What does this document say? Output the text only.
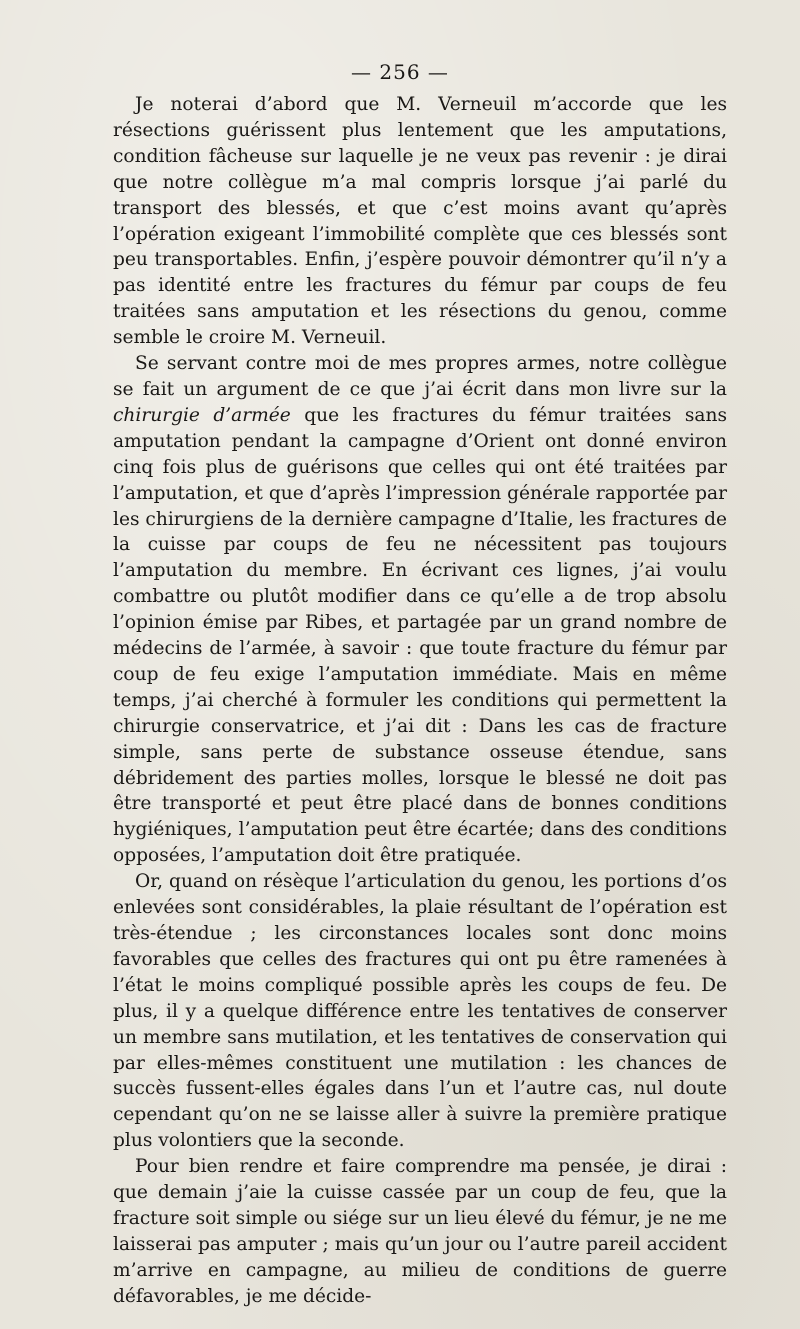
— 256 —

Je noterai d’abord que M. Verneuil m’accorde que les résections guérissent plus lentement que les amputations, condition fâcheuse sur laquelle je ne veux pas revenir : je dirai que notre collègue m’a mal compris lorsque j’ai parlé du transport des blessés, et que c’est moins avant qu’après l’opération exigeant l’immobilité complète que ces blessés sont peu transportables. Enfin, j’espère pouvoir démontrer qu’il n’y a pas identité entre les fractures du fémur par coups de feu traitées sans amputation et les résections du genou, comme semble le croire M. Verneuil.

Se servant contre moi de mes propres armes, notre collègue se fait un argument de ce que j’ai écrit dans mon livre sur la chirurgie d’armée que les fractures du fémur traitées sans amputation pendant la campagne d’Orient ont donné environ cinq fois plus de guérisons que celles qui ont été traitées par l’amputation, et que d’après l’impression générale rapportée par les chirurgiens de la dernière campagne d’Italie, les fractures de la cuisse par coups de feu ne nécessitent pas toujours l’amputation du membre. En écrivant ces lignes, j’ai voulu combattre ou plutôt modifier dans ce qu’elle a de trop absolu l’opinion émise par Ribes, et partagée par un grand nombre de médecins de l’armée, à savoir : que toute fracture du fémur par coup de feu exige l’amputation immédiate. Mais en même temps, j’ai cherché à formuler les conditions qui permettent la chirurgie conservatrice, et j’ai dit : Dans les cas de fracture simple, sans perte de substance osseuse étendue, sans débridement des parties molles, lorsque le blessé ne doit pas être transporté et peut être placé dans de bonnes conditions hygiéniques, l’amputation peut être écartée; dans des conditions opposées, l’amputation doit être pratiquée.

Or, quand on résèque l’articulation du genou, les portions d’os enlevées sont considérables, la plaie résultant de l’opération est très-étendue ; les circonstances locales sont donc moins favorables que celles des fractures qui ont pu être ramenées à l’état le moins compliqué possible après les coups de feu. De plus, il y a quelque différence entre les tentatives de conserver un membre sans mutilation, et les tentatives de conservation qui par elles-mêmes constituent une mutilation : les chances de succès fussent-elles égales dans l’un et l’autre cas, nul doute cependant qu’on ne se laisse aller à suivre la première pratique plus volontiers que la seconde.

Pour bien rendre et faire comprendre ma pensée, je dirai : que demain j’aie la cuisse cassée par un coup de feu, que la fracture soit simple ou siége sur un lieu élevé du fémur, je ne me laisserai pas amputer ; mais qu’un jour ou l’autre pareil accident m’arrive en campagne, au milieu de conditions de guerre défavorables, je me décide-
